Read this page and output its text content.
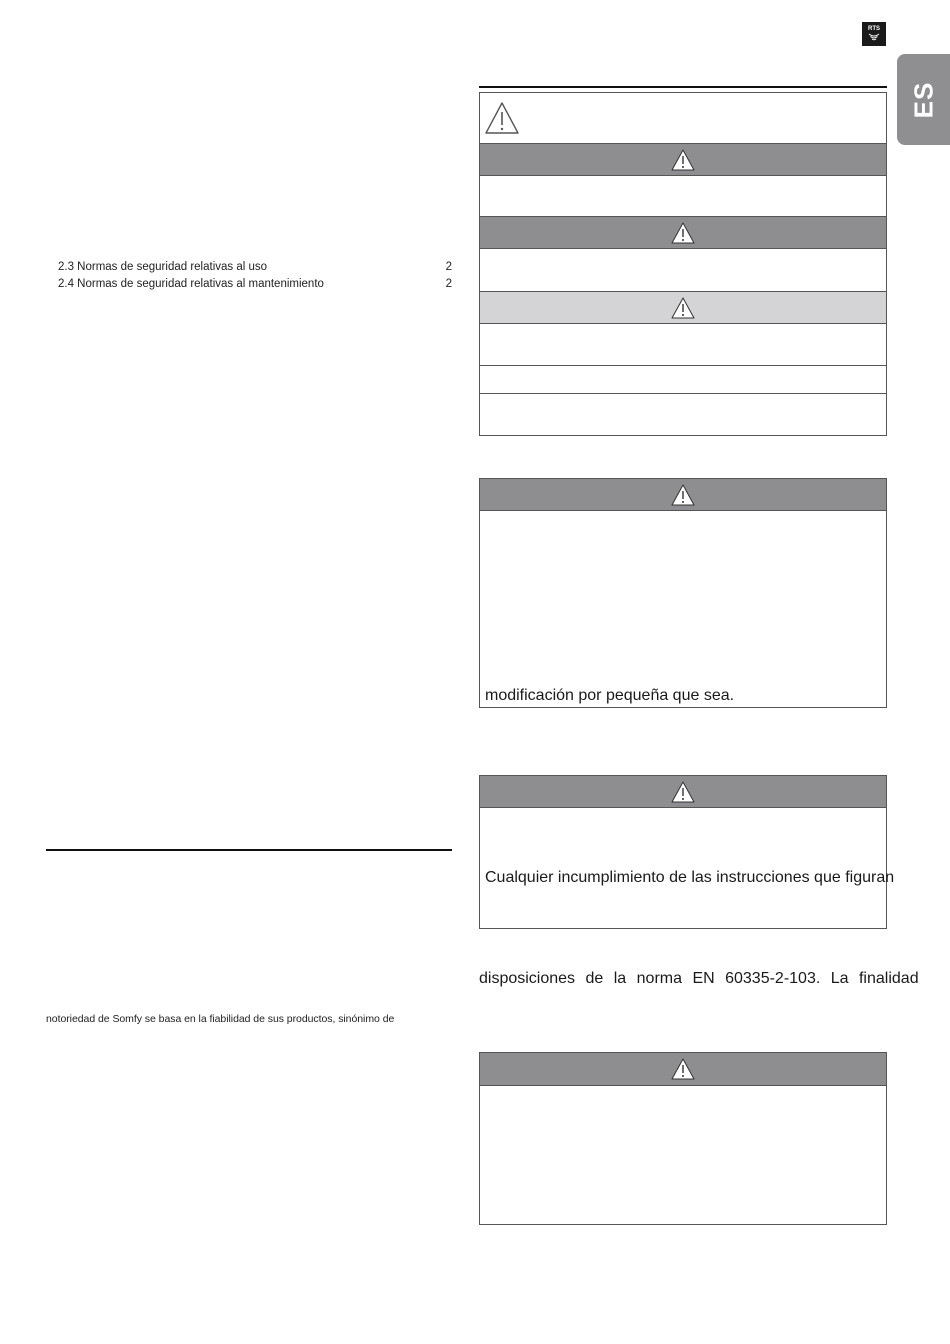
RTS
ES
2.3 Normas de seguridad relativas al uso	2
2.4 Normas de seguridad relativas al mantenimiento	2
notoriedad de Somfy se basa en la fiabilidad de sus productos, sinónimo de
modificación por pequeña que sea.
Cualquier incumplimiento de las instrucciones que figuran
disposiciones de la norma EN 60335-2-103. La finalidad
